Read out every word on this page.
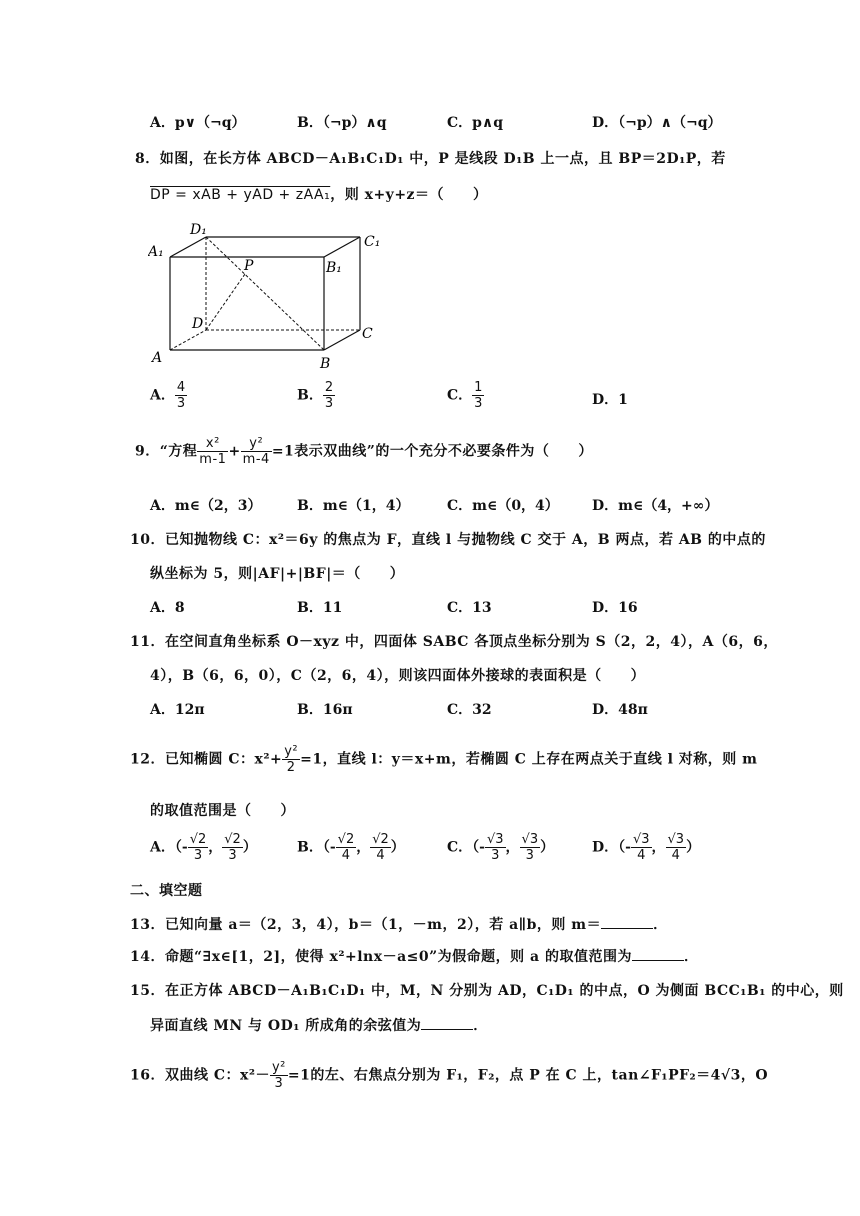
A．p∨（¬q）	B．（¬p）∧q	C．p∧q	D．（¬p）∧（¬q）
8．如图，在长方体 ABCD－A₁B₁C₁D₁ 中，P 是线段 D₁B 上一点，且 BP＝2D₁P，若
DP = xAB + yAD + zAA₁，则 x+y+z＝（　　）
A₁
D₁
C₁
B₁
P
D
C
A	B
A． $\frac{4}{3}$	B． $\frac{2}{3}$	C． $\frac{1}{3}$	D．1
9．“方程 $\frac{\text{x²}}{m-1} + \frac{\text{y²}}{m-4} =1$表示双曲线”的一个充分不必要条件为（　　）
A．m∈（2，3）	B．m∈（1，4）	C．m∈（0，4） D．m∈（4，+∞）
10．已知抛物线 C：x²＝6y 的焦点为 F，直线 l 与抛物线 C 交于 A，B 两点，若 AB 的中点的
纵坐标为 5，则|AF|+|BF|＝（　　）
A．8	B．11	C．13	D．16
11．在空间直角坐标系 O－xyz 中，四面体 SABC 各顶点坐标分别为 S（2，2，4），A（6，6，
4），B（6，6，0），C（2，6，4），则该四面体外接球的表面积是（　　）
A．12π	B．16π	C．32	D．48π
12．已知椭圆 C：$x^2+ \frac{\text{y²}}{2} =1$，直线 l：y＝x+m，若椭圆 C 上存在两点关于直线 l 对称，则 m
的取值范围是（　　）
A．（- $\frac{√2}{3}$ ， $\frac{√2}{3}$ ）	B．（- $\frac{√2}{4}$ ， $\frac{√2}{4}$ ）	C．（- $\frac{√3}{3}$ ， $\frac{√3}{3}$ ）	D．（- $\frac{√3}{4}$ ， $\frac{√3}{4}$ ）
二、填空题
13．已知向量 a＝（2，3，4），b＝（1，－m，2），若 a∥b，则 m＝	．
14．命题“∃x∈[1，2]，使得 x²+lnx－a≤0”为假命题，则 a 的取值范围为	．
15．在正方体 ABCD－A₁B₁C₁D₁ 中，M，N 分别为 AD，C₁D₁ 的中点，O 为侧面 BCC₁B₁ 的中心，则
异面直线 MN 与 OD₁ 所成角的余弦值为	．
16．双曲线 C：$x^2- \frac{\text{y²}}{3} =1$的左、右焦点分别为 F₁，F₂，点 P 在 C 上，tan∠F₁PF₂＝4√3，O
